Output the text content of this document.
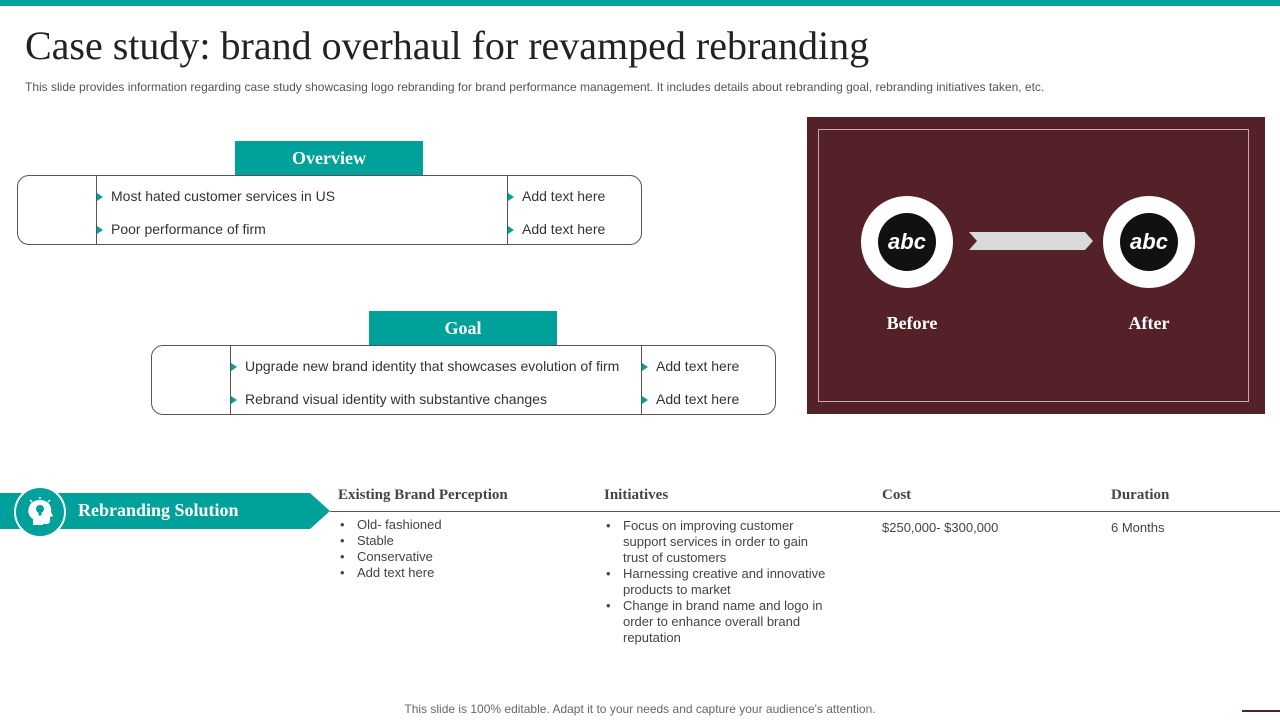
Case study: brand overhaul for revamped rebranding
This slide provides information regarding case study showcasing logo rebranding for brand performance management. It includes details about rebranding goal, rebranding initiatives taken, etc.
Overview
Most hated customer services in US
Poor performance of firm
Add text here
Add text here
Goal
Upgrade new brand identity that showcases evolution of firm
Rebrand visual identity with substantive changes
Add text here
Add text here
abc	abc
Before	After
Rebranding Solution
Existing Brand Perception	Initiatives	Cost	Duration
• Old- fashioned
• Stable
• Conservative
• Add text here
• Focus on improving customer support services in order to gain trust of customers
• Harnessing creative and innovative products to market
• Change in brand name and logo in order to enhance overall brand reputation
$250,000- $300,000	6 Months
This slide is 100% editable. Adapt it to your needs and capture your audience's attention.
